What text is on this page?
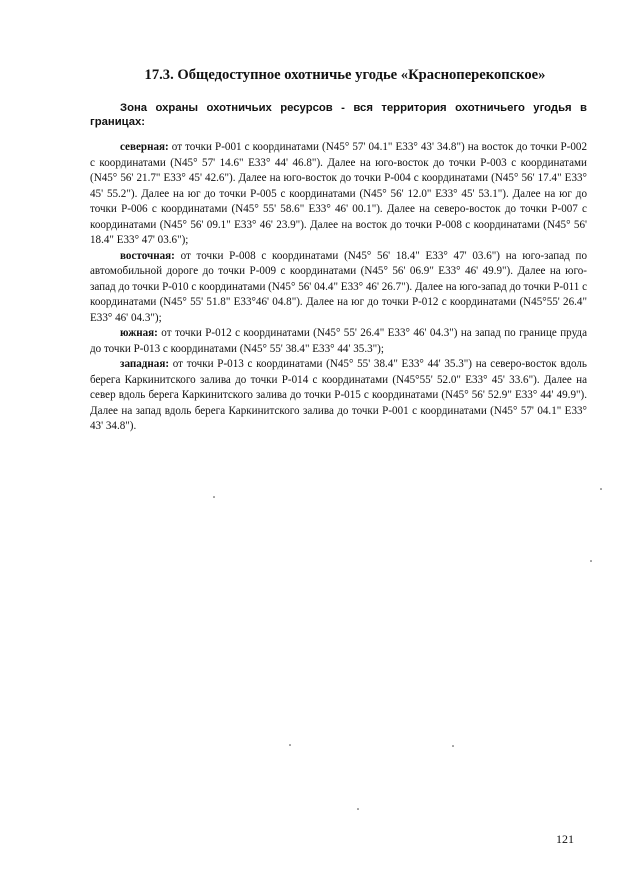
17.3. Общедоступное охотничье угодье «Красноперекопское»
Зона охраны охотничьих ресурсов - вся территория охотничьего угодья в границах:

северная: от точки P-001 с координатами (N45° 57' 04.1" E33° 43' 34.8") на восток до точки P-002 с координатами (N45° 57' 14.6" E33° 44' 46.8"). Далее на юго-восток до точки P-003 с координатами (N45° 56' 21.7" E33° 45' 42.6"). Далее на юго-восток до точки P-004 с координатами (N45° 56' 17.4" E33° 45' 55.2"). Далее на юг до точки P-005 с координатами (N45° 56' 12.0" E33° 45' 53.1"). Далее на юг до точки P-006 с координатами (N45° 55' 58.6" E33° 46' 00.1"). Далее на северо-восток до точки P-007 с координатами (N45° 56' 09.1" E33° 46' 23.9"). Далее на восток до точки P-008 с координатами (N45° 56' 18.4" E33° 47' 03.6");

восточная: от точки P-008 с координатами (N45° 56' 18.4" E33° 47' 03.6") на юго-запад по автомобильной дороге до точки P-009 с координатами (N45° 56' 06.9" E33° 46' 49.9"). Далее на юго-запад до точки P-010 с координатами (N45° 56' 04.4" E33° 46' 26.7"). Далее на юго-запад до точки P-011 с координатами (N45° 55' 51.8" E33°46' 04.8"). Далее на юг до точки P-012 с координатами (N45°55' 26.4" E33° 46' 04.3");

южная: от точки P-012 с координатами (N45° 55' 26.4" E33° 46' 04.3") на запад по границе пруда до точки P-013 с координатами (N45° 55' 38.4" E33° 44' 35.3");

западная: от точки P-013 с координатами (N45° 55' 38.4" E33° 44' 35.3") на северо-восток вдоль берега Каркинитского залива до точки P-014 с координатами (N45°55' 52.0" E33° 45' 33.6"). Далее на север вдоль берега Каркинитского залива до точки P-015 с координатами (N45° 56' 52.9" E33° 44' 49.9"). Далее на запад вдоль берега Каркинитского залива до точки P-001 с координатами (N45° 57' 04.1" E33° 43' 34.8").

121
